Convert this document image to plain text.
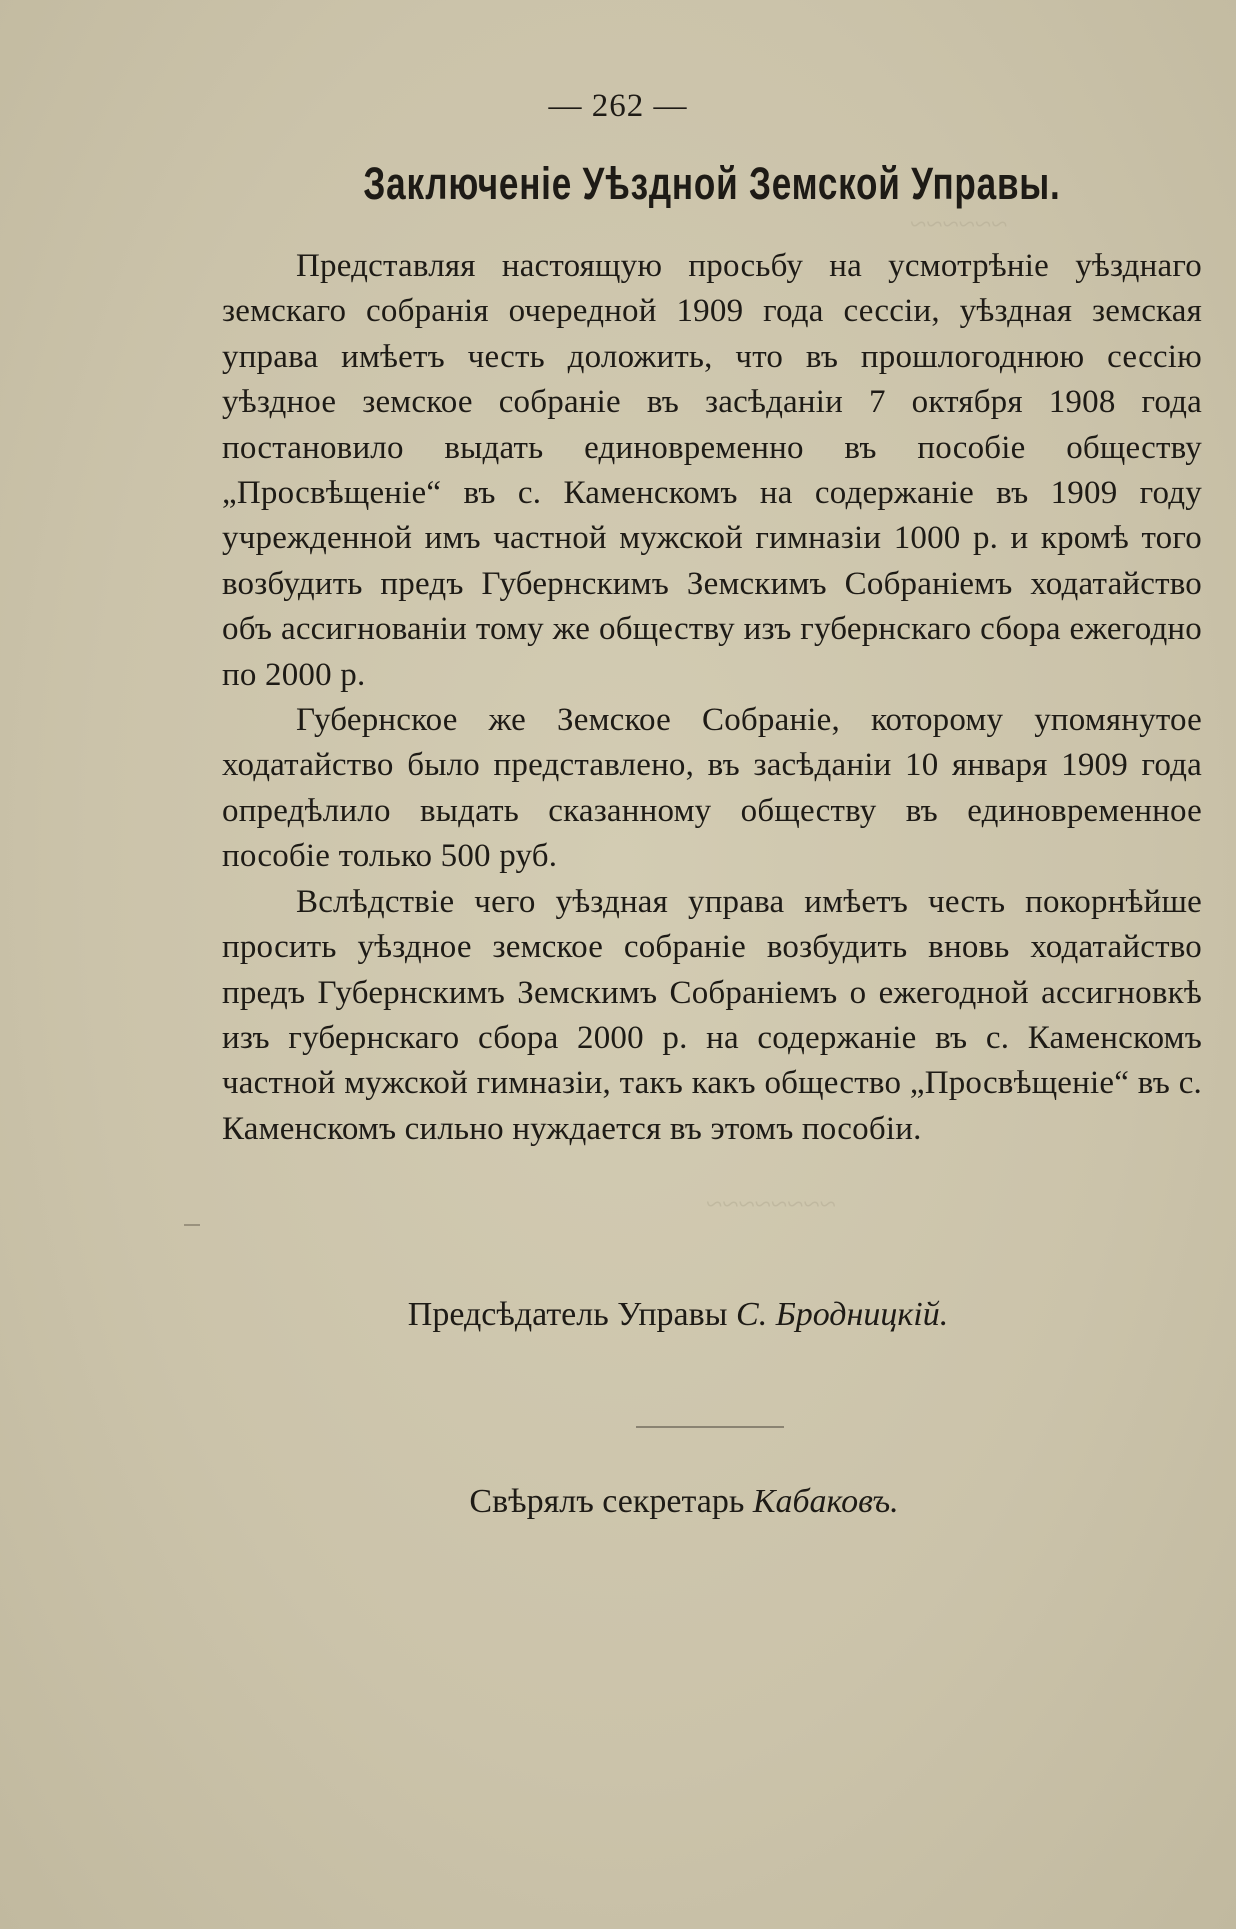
~~~~~~
~~~~~~~~
— 262 —
Заключеніе Уѣздной Земской Управы.

Представляя настоящую просьбу на усмотрѣніе уѣзднаго земскаго собранія очередной 1909 года сессіи, уѣздная земская управа имѣетъ честь доложить, что въ прошлогоднюю сессію уѣздное земское собраніе въ засѣданіи 7 октября 1908 года постановило выдать единовременно въ пособіе обществу „Просвѣщеніе“ въ с. Каменскомъ на содержаніе въ 1909 году учрежденной имъ частной мужской гимназіи 1000 р. и кромѣ того возбудить предъ Губернскимъ Земскимъ Собраніемъ ходатайство объ ассигнованіи тому же обществу изъ губернскаго сбора ежегодно по 2000 р.

Губернское же Земское Собраніе, которому упомянутое ходатайство было представлено, въ засѣданіи 10 января 1909 года опредѣлило выдать сказанному обществу въ единовременное пособіе только 500 руб.

Вслѣдствіе чего уѣздная управа имѣетъ честь покорнѣйше просить уѣздное земское собраніе возбудить вновь ходатайство предъ Губернскимъ Земскимъ Собраніемъ о ежегодной ассигновкѣ изъ губернскаго сбора 2000 р. на содержаніе въ с. Каменскомъ частной мужской гимназіи, такъ какъ общество „Просвѣщеніе“ въ с. Каменскомъ сильно нуждается въ этомъ пособіи.

Предсѣдатель Управы С. Бродницкій.
Свѣрялъ секретарь Кабаковъ.
